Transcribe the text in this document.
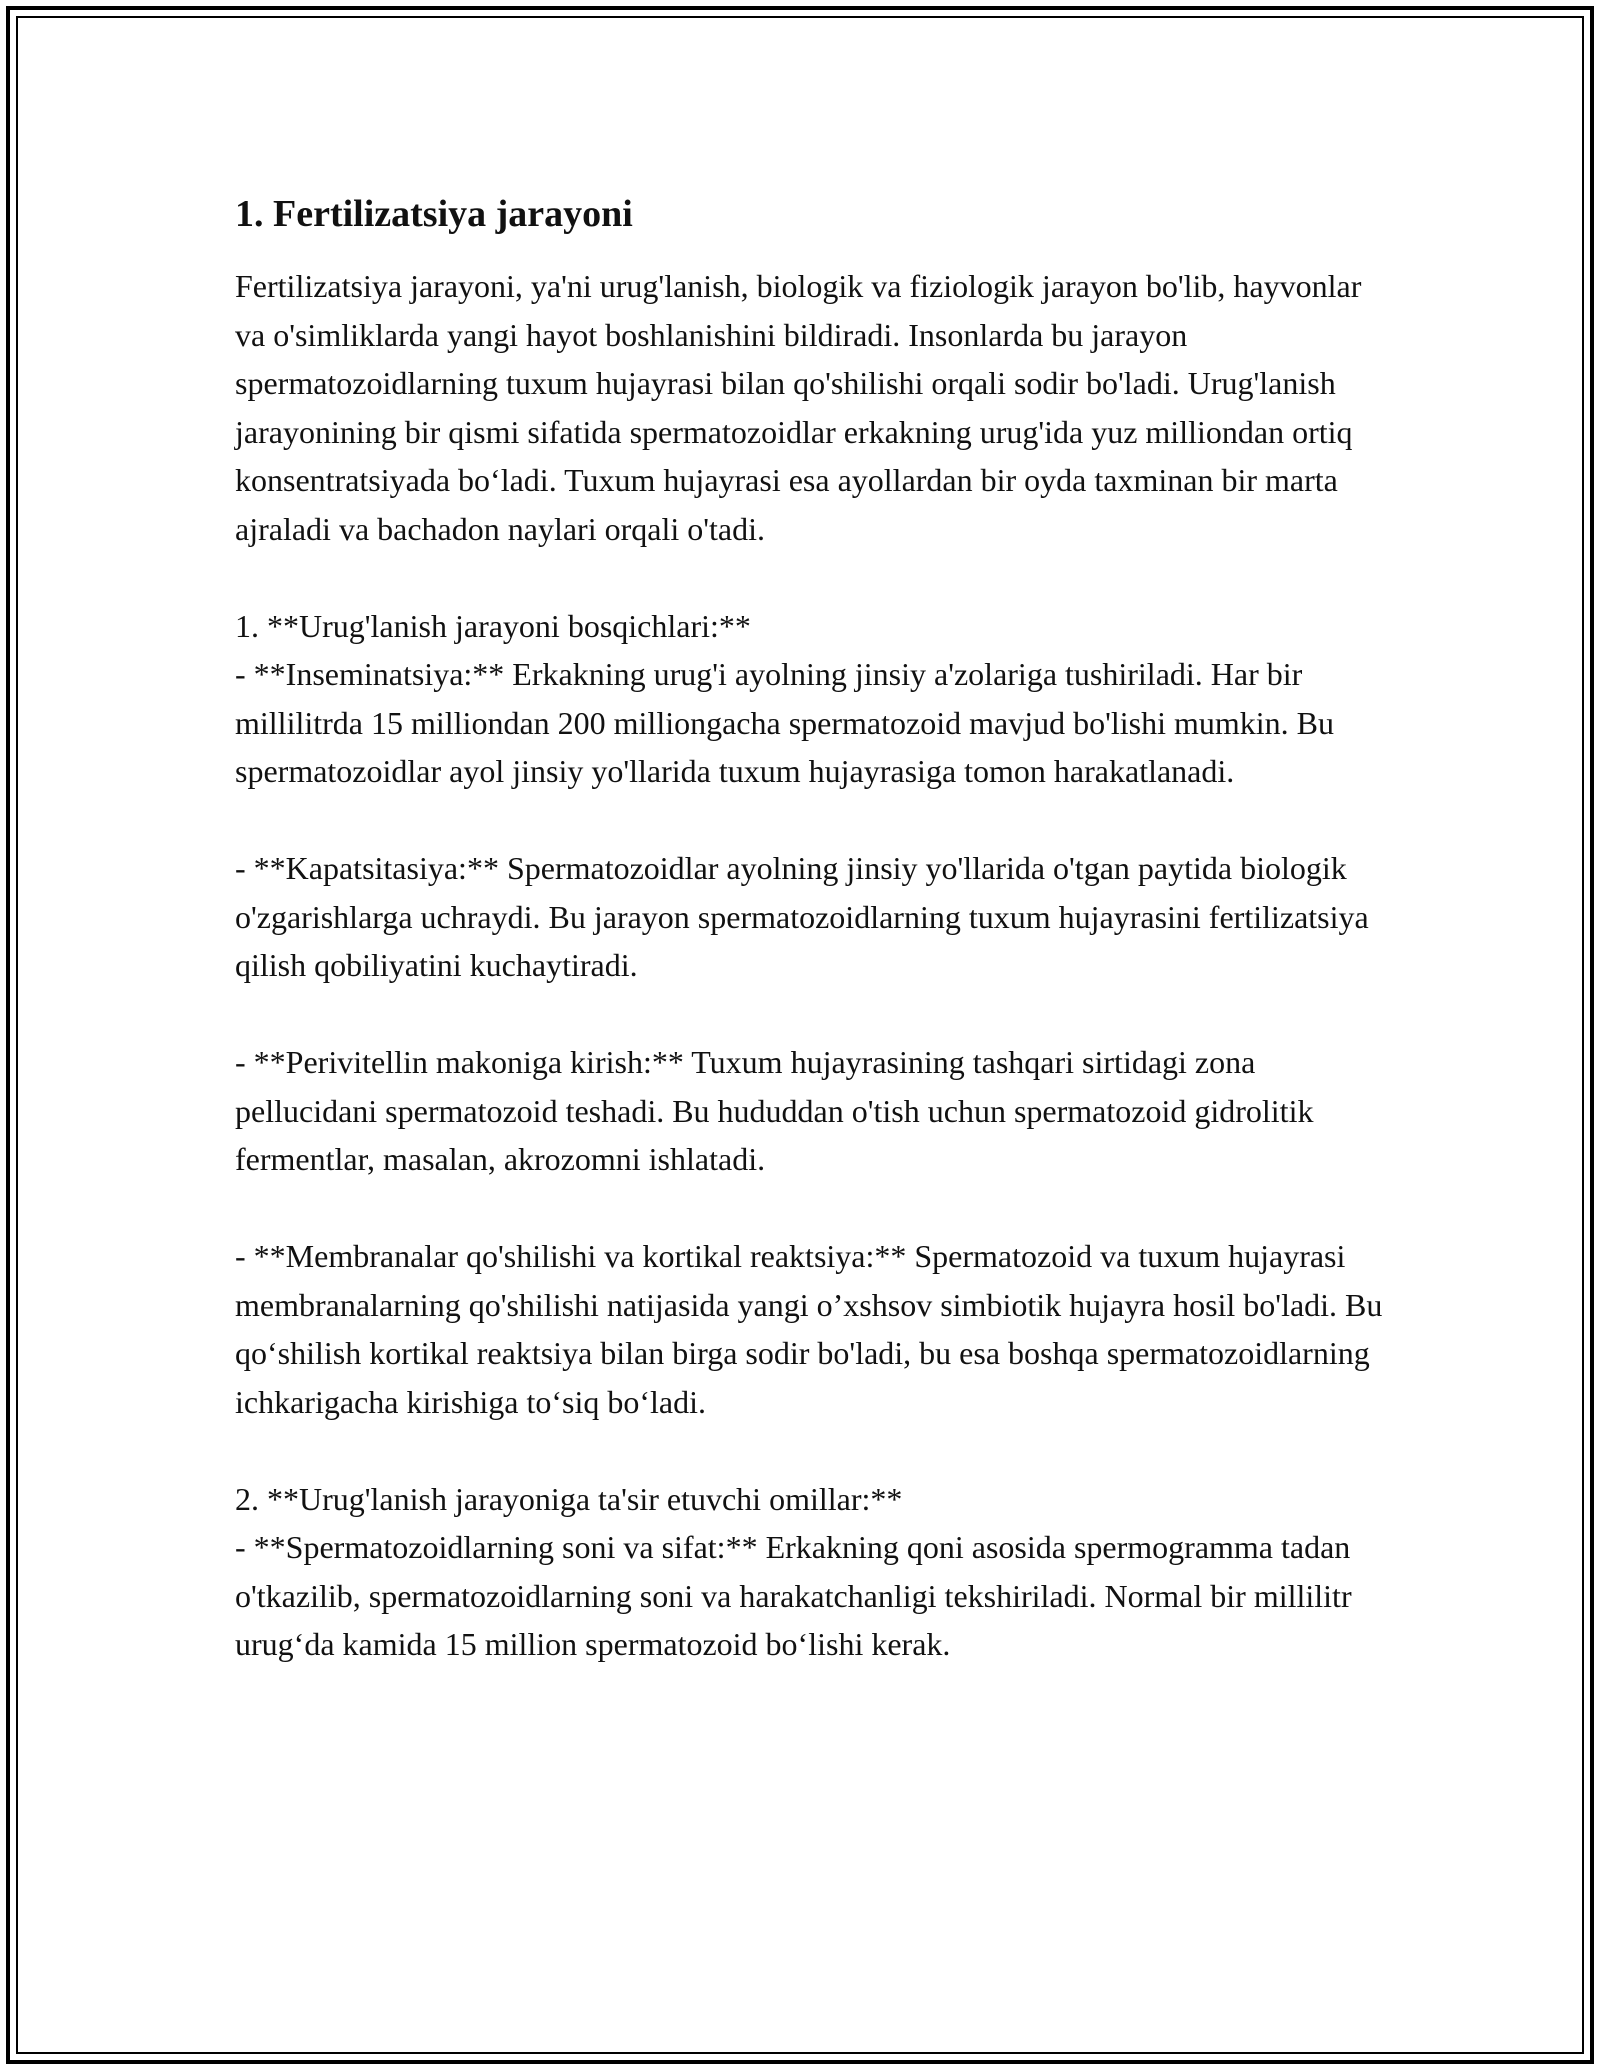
1. Fertilizatsiya jarayoni

Fertilizatsiya jarayoni, ya'ni urug'lanish, biologik va fiziologik jarayon bo'lib, hayvonlar va o'simliklarda yangi hayot boshlanishini bildiradi. Insonlarda bu jarayon spermatozoidlarning tuxum hujayrasi bilan qo'shilishi orqali sodir bo'ladi. Urug'lanish jarayonining bir qismi sifatida spermatozoidlar erkakning urug'ida yuz milliondan ortiq konsentratsiyada bo‘ladi. Tuxum hujayrasi esa ayollardan bir oyda taxminan bir marta ajraladi va bachadon naylari orqali o'tadi.

1. **Urug'lanish jarayoni bosqichlari:**
- **Inseminatsiya:** Erkakning urug'i ayolning jinsiy a'zolariga tushiriladi. Har bir millilitrda 15 milliondan 200 milliongacha spermatozoid mavjud bo'lishi mumkin. Bu spermatozoidlar ayol jinsiy yo'llarida tuxum hujayrasiga tomon harakatlanadi.

- **Kapatsitasiya:** Spermatozoidlar ayolning jinsiy yo'llarida o'tgan paytida biologik o'zgarishlarga uchraydi. Bu jarayon spermatozoidlarning tuxum hujayrasini fertilizatsiya qilish qobiliyatini kuchaytiradi.

- **Perivitellin makoniga kirish:** Tuxum hujayrasining tashqari sirtidagi zona pellucidani spermatozoid teshadi. Bu hududdan o'tish uchun spermatozoid gidrolitik fermentlar, masalan, akrozomni ishlatadi.

- **Membranalar qo'shilishi va kortikal reaktsiya:** Spermatozoid va tuxum hujayrasi membranalarning qo'shilishi natijasida yangi o’xshsov simbiotik hujayra hosil bo'ladi. Bu qo‘shilish kortikal reaktsiya bilan birga sodir bo'ladi, bu esa boshqa spermatozoidlarning ichkarigacha kirishiga to‘siq bo‘ladi.

2. **Urug'lanish jarayoniga ta'sir etuvchi omillar:**
- **Spermatozoidlarning soni va sifat:** Erkakning qoni asosida spermogramma tadan o'tkazilib, spermatozoidlarning soni va harakatchanligi tekshiriladi. Normal bir millilitr urug‘da kamida 15 million spermatozoid bo‘lishi kerak.
